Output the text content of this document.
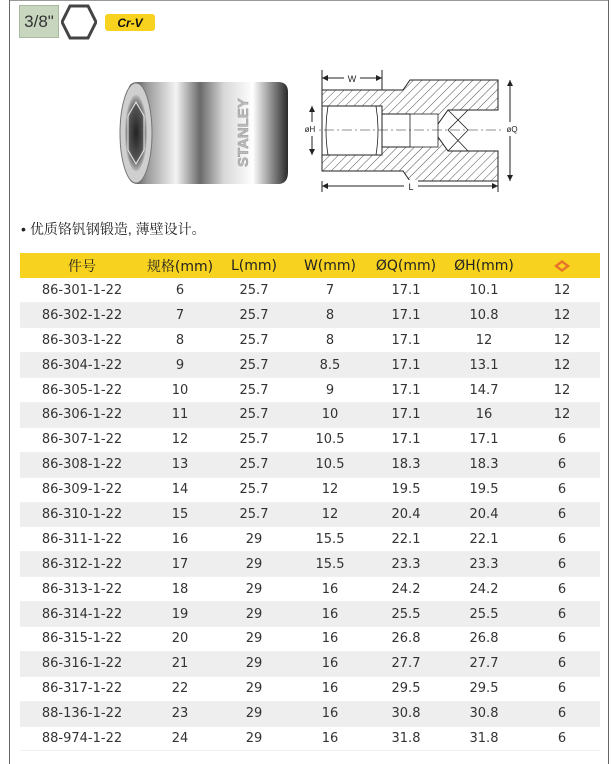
3/8"	Cr-V
STANLEY
W
øH	øQ
L
• 优质铬钒钢锻造, 薄壁设计。
件号	规格(mm)	L(mm)	W(mm)	ØQ(mm)	ØH(mm)	
86-301-1-22	6	25.7	7	17.1	10.1	12
86-302-1-22	7	25.7	8	17.1	10.8	12
86-303-1-22	8	25.7	8	17.1	12	12
86-304-1-22	9	25.7	8.5	17.1	13.1	12
86-305-1-22	10	25.7	9	17.1	14.7	12
86-306-1-22	11	25.7	10	17.1	16	12
86-307-1-22	12	25.7	10.5	17.1	17.1	6
86-308-1-22	13	25.7	10.5	18.3	18.3	6
86-309-1-22	14	25.7	12	19.5	19.5	6
86-310-1-22	15	25.7	12	20.4	20.4	6
86-311-1-22	16	29	15.5	22.1	22.1	6
86-312-1-22	17	29	15.5	23.3	23.3	6
86-313-1-22	18	29	16	24.2	24.2	6
86-314-1-22	19	29	16	25.5	25.5	6
86-315-1-22	20	29	16	26.8	26.8	6
86-316-1-22	21	29	16	27.7	27.7	6
86-317-1-22	22	29	16	29.5	29.5	6
88-136-1-22	23	29	16	30.8	30.8	6
88-974-1-22	24	29	16	31.8	31.8	6
